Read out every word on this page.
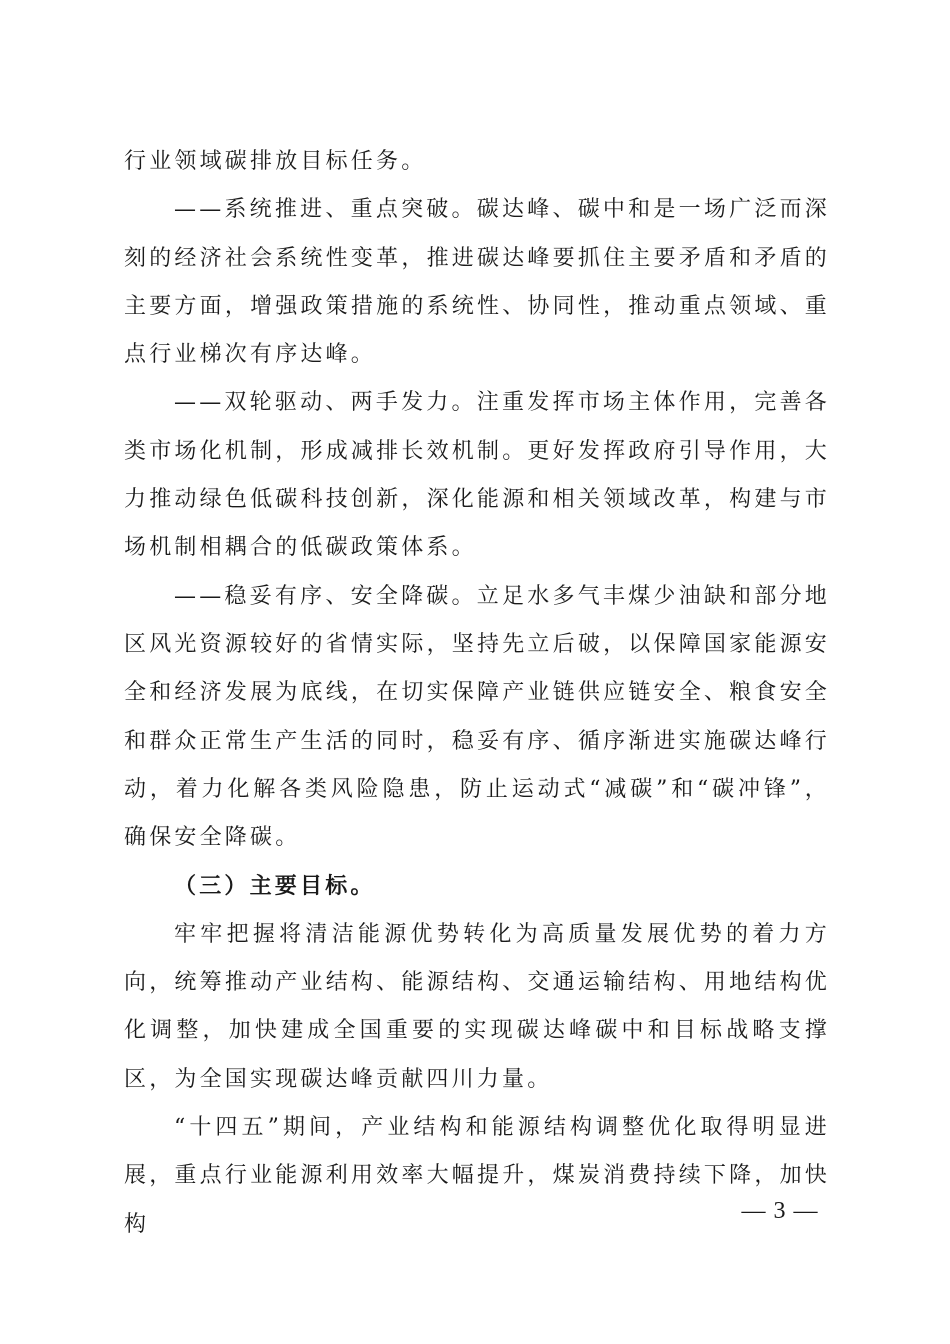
行业领域碳排放目标任务。

——系统推进、重点突破。碳达峰、碳中和是一场广泛而深刻的经济社会系统性变革，推进碳达峰要抓住主要矛盾和矛盾的主要方面，增强政策措施的系统性、协同性，推动重点领域、重点行业梯次有序达峰。

——双轮驱动、两手发力。注重发挥市场主体作用，完善各类市场化机制，形成减排长效机制。更好发挥政府引导作用，大力推动绿色低碳科技创新，深化能源和相关领域改革，构建与市场机制相耦合的低碳政策体系。

——稳妥有序、安全降碳。立足水多气丰煤少油缺和部分地区风光资源较好的省情实际，坚持先立后破，以保障国家能源安全和经济发展为底线，在切实保障产业链供应链安全、粮食安全和群众正常生产生活的同时，稳妥有序、循序渐进实施碳达峰行动，着力化解各类风险隐患，防止运动式“减碳”和“碳冲锋”，确保安全降碳。

（三）主要目标。

牢牢把握将清洁能源优势转化为高质量发展优势的着力方向，统筹推动产业结构、能源结构、交通运输结构、用地结构优化调整，加快建成全国重要的实现碳达峰碳中和目标战略支撑区，为全国实现碳达峰贡献四川力量。

“十四五”期间，产业结构和能源结构调整优化取得明显进展，重点行业能源利用效率大幅提升，煤炭消费持续下降，加快构

— 3 —
